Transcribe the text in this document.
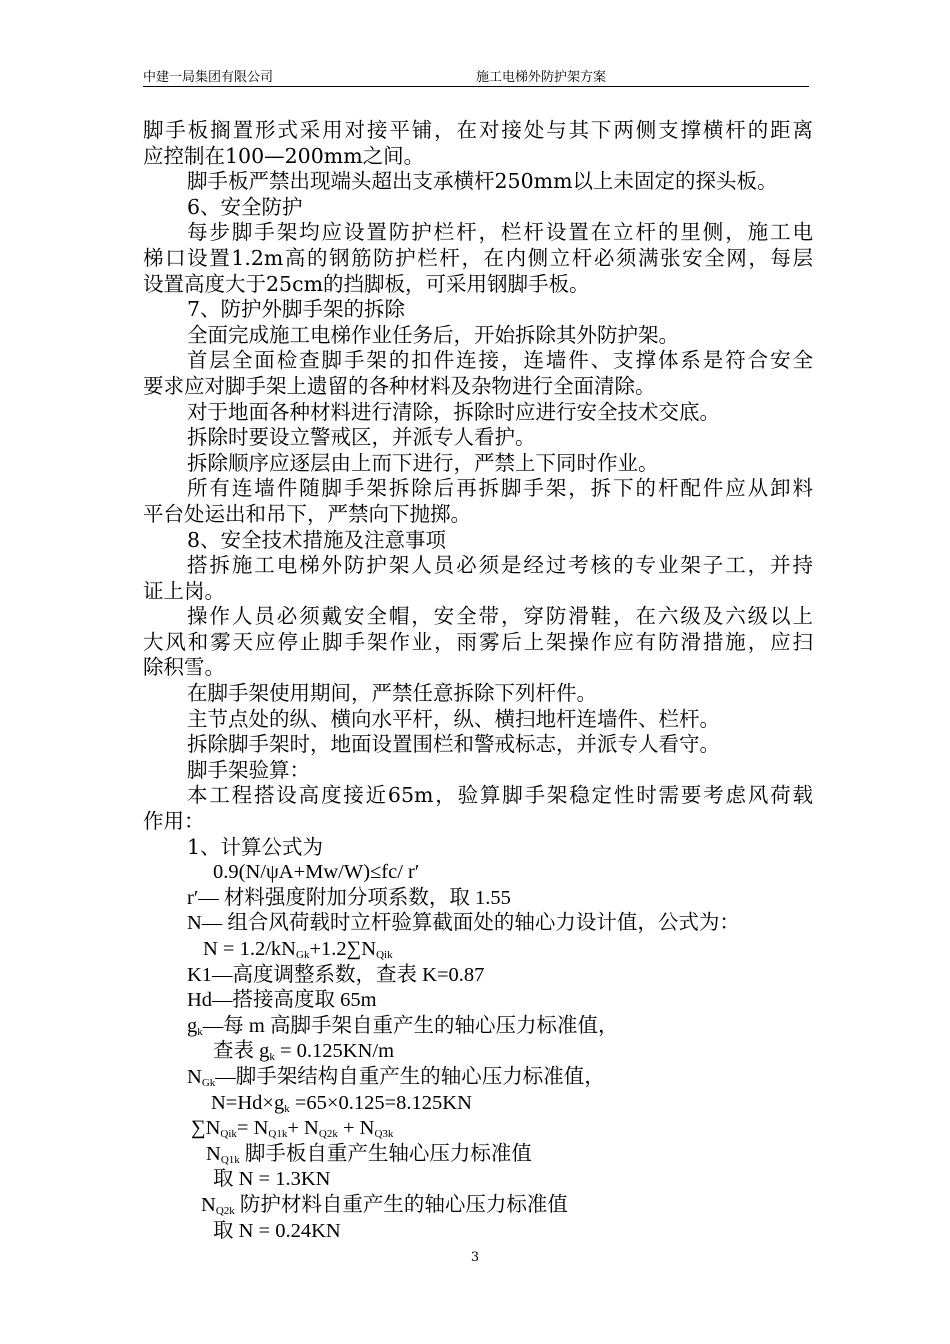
中建一局集团有限公司	施工电梯外防护架方案
脚手板搁置形式采用对接平铺，在对接处与其下两侧支撑横杆的距离
应控制在100—200mm之间。
脚手板严禁出现端头超出支承横杆250mm以上未固定的探头板。
6、安全防护
每步脚手架均应设置防护栏杆，栏杆设置在立杆的里侧，施工电
梯口设置1.2m高的钢筋防护栏杆，在内侧立杆必须满张安全网，每层
设置高度大于25cm的挡脚板，可采用钢脚手板。
7、防护外脚手架的拆除
全面完成施工电梯作业任务后，开始拆除其外防护架。
首层全面检查脚手架的扣件连接，连墙件、支撑体系是符合安全
要求应对脚手架上遗留的各种材料及杂物进行全面清除。
对于地面各种材料进行清除，拆除时应进行安全技术交底。
拆除时要设立警戒区，并派专人看护。
拆除顺序应逐层由上而下进行，严禁上下同时作业。
所有连墙件随脚手架拆除后再拆脚手架，拆下的杆配件应从卸料
平台处运出和吊下，严禁向下抛掷。
8、安全技术措施及注意事项
搭拆施工电梯外防护架人员必须是经过考核的专业架子工，并持
证上岗。
操作人员必须戴安全帽，安全带，穿防滑鞋，在六级及六级以上
大风和雾天应停止脚手架作业，雨雾后上架操作应有防滑措施，应扫
除积雪。
在脚手架使用期间，严禁任意拆除下列杆件。
主节点处的纵、横向水平杆，纵、横扫地杆连墙件、栏杆。
拆除脚手架时，地面设置围栏和警戒标志，并派专人看守。
脚手架验算：
本工程搭设高度接近65m，验算脚手架稳定性时需要考虑风荷载
作用：
1、计算公式为
0.9(N/ψA+Mw/W)≤fc/ r′
r′— 材料强度附加分项系数，取 1.55
N— 组合风荷载时立杆验算截面处的轴心力设计值，公式为：
$N = 1.2/kN_{Gk}+1.2\sum N_{Qik}$
K1—高度调整系数，查表 K=0.87
Hd—搭接高度取 65m
$g_k—$每 m 高脚手架自重产生的轴心压力标准值，
查表 $g_k = 0.125KN/m$
$N_{Gk}—$脚手架结构自重产生的轴心压力标准值，
$N=Hd\times g_k =65\times 0.125=8.125KN$
$\sum N_{Qik}= N_{Q1k}+ N_{Q2k} + N_{Q3k}$
$N_{Q1k}$ 脚手板自重产生轴心压力标准值
取 N = 1.3KN
$N_{Q2k}$ 防护材料自重产生的轴心压力标准值
取 N = 0.24KN
3
